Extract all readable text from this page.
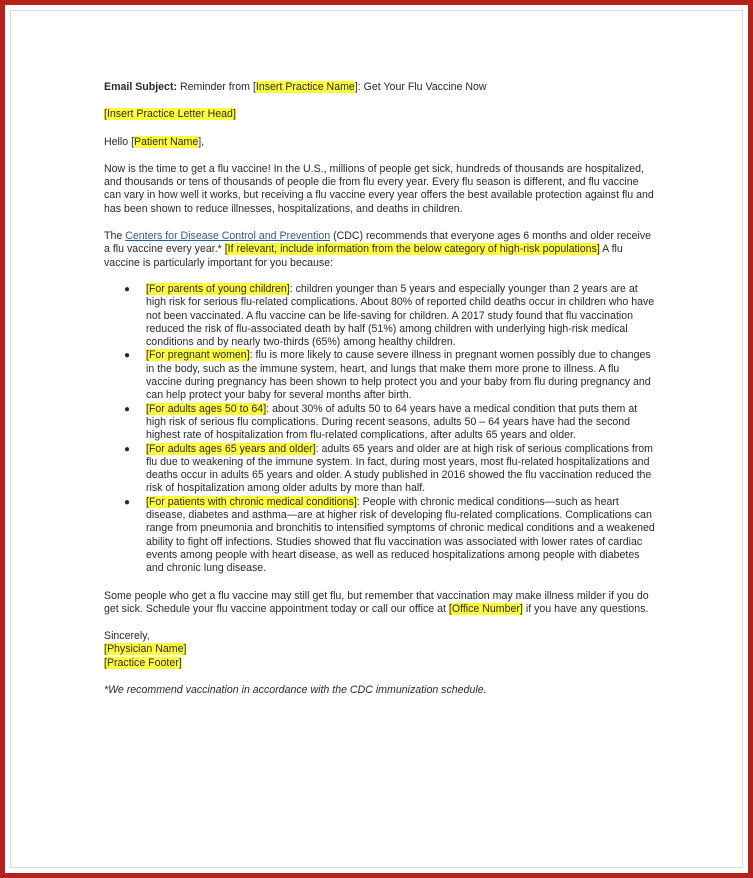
Email Subject: Reminder from [Insert Practice Name]: Get Your Flu Vaccine Now

[Insert Practice Letter Head]

Hello [Patient Name],

Now is the time to get a flu vaccine! In the U.S., millions of people get sick, hundreds of thousands are hospitalized, and thousands or tens of thousands of people die from flu every year. Every flu season is different, and flu vaccine can vary in how well it works, but receiving a flu vaccine every year offers the best available protection against flu and has been shown to reduce illnesses, hospitalizations, and deaths in children.

The Centers for Disease Control and Prevention (CDC) recommends that everyone ages 6 months and older receive a flu vaccine every year.* [If relevant, include information from the below category of high-risk populations] A flu vaccine is particularly important for you because:

● [For parents of young children]: children younger than 5 years and especially younger than 2 years are at high risk for serious flu-related complications. About 80% of reported child deaths occur in children who have not been vaccinated. A flu vaccine can be life-saving for children. A 2017 study found that flu vaccination reduced the risk of flu-associated death by half (51%) among children with underlying high-risk medical conditions and by nearly two-thirds (65%) among healthy children.
● [For pregnant women]: flu is more likely to cause severe illness in pregnant women possibly due to changes in the body, such as the immune system, heart, and lungs that make them more prone to illness. A flu vaccine during pregnancy has been shown to help protect you and your baby from flu during pregnancy and can help protect your baby for several months after birth.
● [For adults ages 50 to 64]: about 30% of adults 50 to 64 years have a medical condition that puts them at high risk of serious flu complications. During recent seasons, adults 50 – 64 years have had the second highest rate of hospitalization from flu-related complications, after adults 65 years and older.
● [For adults ages 65 years and older]: adults 65 years and older are at high risk of serious complications from flu due to weakening of the immune system. In fact, during most years, most flu-related hospitalizations and deaths occur in adults 65 years and older. A study published in 2016 showed the flu vaccination reduced the risk of hospitalization among older adults by more than half.
● [For patients with chronic medical conditions]: People with chronic medical conditions—such as heart disease, diabetes and asthma—are at higher risk of developing flu-related complications. Complications can range from pneumonia and bronchitis to intensified symptoms of chronic medical conditions and a weakened ability to fight off infections. Studies showed that flu vaccination was associated with lower rates of cardiac events among people with heart disease, as well as reduced hospitalizations among people with diabetes and chronic lung disease.

Some people who get a flu vaccine may still get flu, but remember that vaccination may make illness milder if you do get sick. Schedule your flu vaccine appointment today or call our office at [Office Number] if you have any questions.

Sincerely,

[Physician Name]

[Practice Footer]

*We recommend vaccination in accordance with the CDC immunization schedule.
